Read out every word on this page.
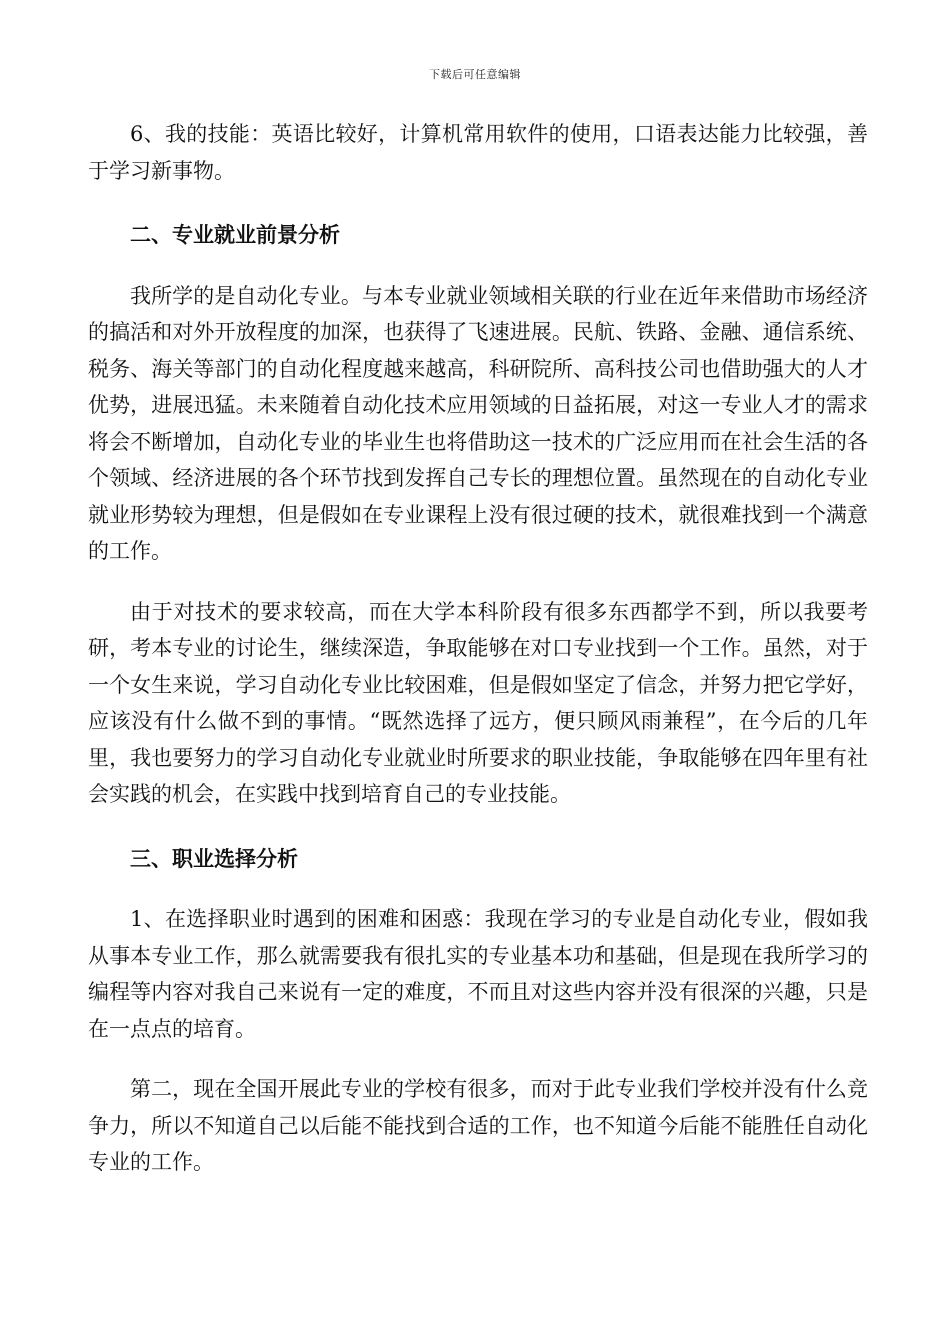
下载后可任意编辑

6、我的技能：英语比较好，计算机常用软件的使用，口语表达能力比较强，善于学习新事物。

二、专业就业前景分析

我所学的是自动化专业。与本专业就业领域相关联的行业在近年来借助市场经济的搞活和对外开放程度的加深，也获得了飞速进展。民航、铁路、金融、通信系统、税务、海关等部门的自动化程度越来越高，科研院所、高科技公司也借助强大的人才优势，进展迅猛。未来随着自动化技术应用领域的日益拓展，对这一专业人才的需求将会不断增加，自动化专业的毕业生也将借助这一技术的广泛应用而在社会生活的各个领域、经济进展的各个环节找到发挥自己专长的理想位置。虽然现在的自动化专业就业形势较为理想，但是假如在专业课程上没有很过硬的技术，就很难找到一个满意的工作。

由于对技术的要求较高，而在大学本科阶段有很多东西都学不到，所以我要考研，考本专业的讨论生，继续深造，争取能够在对口专业找到一个工作。虽然，对于一个女生来说，学习自动化专业比较困难，但是假如坚定了信念，并努力把它学好，应该没有什么做不到的事情。“既然选择了远方，便只顾风雨兼程”，在今后的几年里，我也要努力的学习自动化专业就业时所要求的职业技能，争取能够在四年里有社会实践的机会，在实践中找到培育自己的专业技能。

三、职业选择分析

1、在选择职业时遇到的困难和困惑：我现在学习的专业是自动化专业，假如我从事本专业工作，那么就需要我有很扎实的专业基本功和基础，但是现在我所学习的编程等内容对我自己来说有一定的难度，不而且对这些内容并没有很深的兴趣，只是在一点点的培育。

第二，现在全国开展此专业的学校有很多，而对于此专业我们学校并没有什么竞争力，所以不知道自己以后能不能找到合适的工作，也不知道今后能不能胜任自动化专业的工作。
